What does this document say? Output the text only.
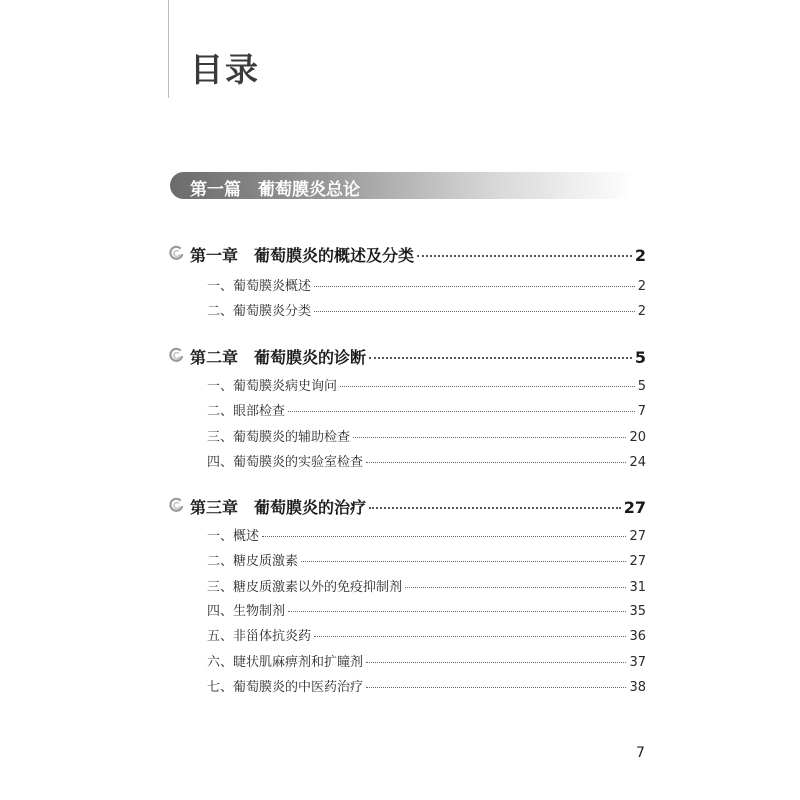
目录
第一篇　葡萄膜炎总论
第一章　葡萄膜炎的概述及分类	2
一、葡萄膜炎概述	2
二、葡萄膜炎分类	2
第二章　葡萄膜炎的诊断	5
一、葡萄膜炎病史询问	5
二、眼部检查	7
三、葡萄膜炎的辅助检查	20
四、葡萄膜炎的实验室检查	24
第三章　葡萄膜炎的治疗	27
一、概述	27
二、糖皮质激素	27
三、糖皮质激素以外的免疫抑制剂	31
四、生物制剂	35
五、非甾体抗炎药	36
六、睫状肌麻痹剂和扩瞳剂	37
七、葡萄膜炎的中医药治疗	38
7
